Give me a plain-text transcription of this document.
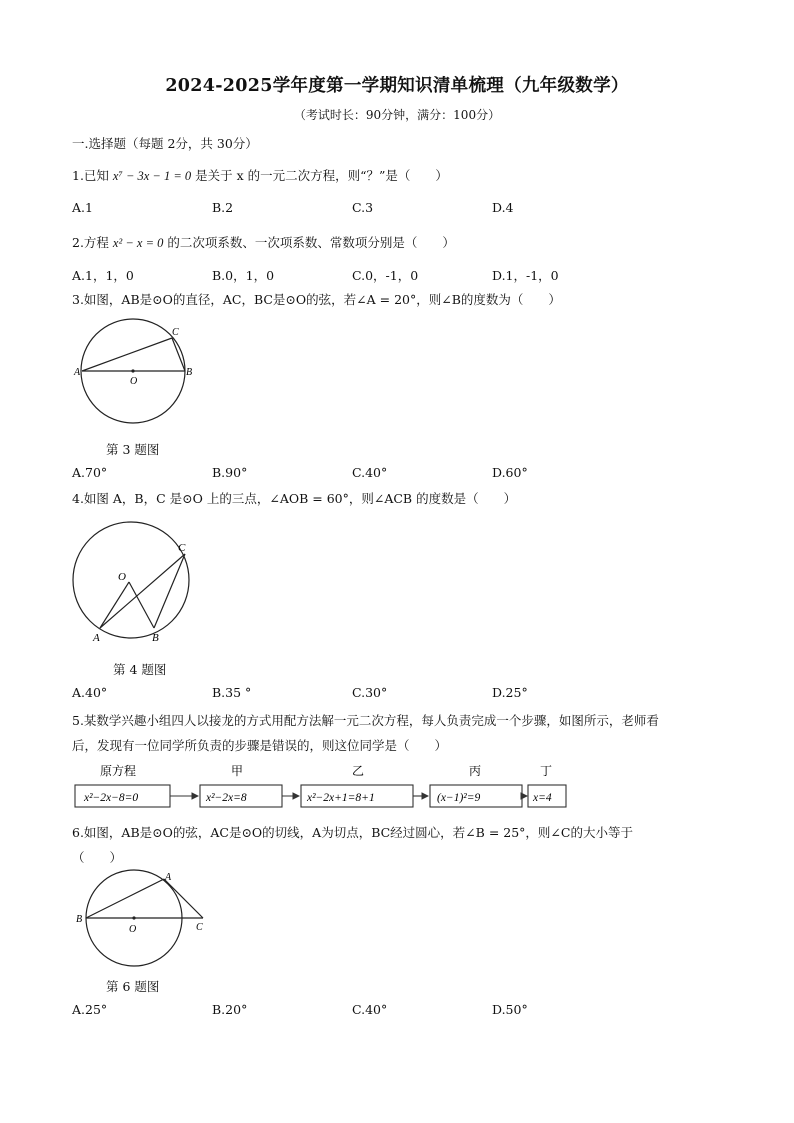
2024-2025学年度第一学期知识清单梳理（九年级数学）
（考试时长：90分钟，满分：100分）
一.选择题（每题 2分，共 30分）
1.已知 x⁷ − 3x − 1 = 0 是关于 x 的一元二次方程，则“？”是（　　）
A.1	B.2	C.3	D.4
2.方程 x² − x = 0 的二次项系数、一次项系数、常数项分别是（　　）
A.1，1，0	B.0，1，0	C.0，-1，0	D.1，-1，0
3.如图，AB是⊙O的直径，AC，BC是⊙O的弦，若∠A = 20°，则∠B的度数为（　　）
A	B
C
O
第 3 题图
A.70°	B.90°	C.40°	D.60°
4.如图 A，B，C 是⊙O 上的三点，∠AOB = 60°，则∠ACB 的度数是（　　）
O
A	B
C
第 4 题图
A.40°	B.35 °	C.30°	D.25°
5.某数学兴趣小组四人以接龙的方式用配方法解一元二次方程，每人负责完成一个步骤，如图所示，老师看
后，发现有一位同学所负责的步骤是错误的，则这位同学是（　　）
原方程	甲	乙	丙	丁
x²−2x−8=0	x²−2x=8	x²−2x+1=8+1	(x−1)²=9	x=4
6.如图，AB是⊙O的弦，AC是⊙O的切线，A为切点，BC经过圆心，若∠B = 25°，则∠C的大小等于
（　　）
B
A
C
O
第 6 题图
A.25°	B.20°	C.40°	D.50°
